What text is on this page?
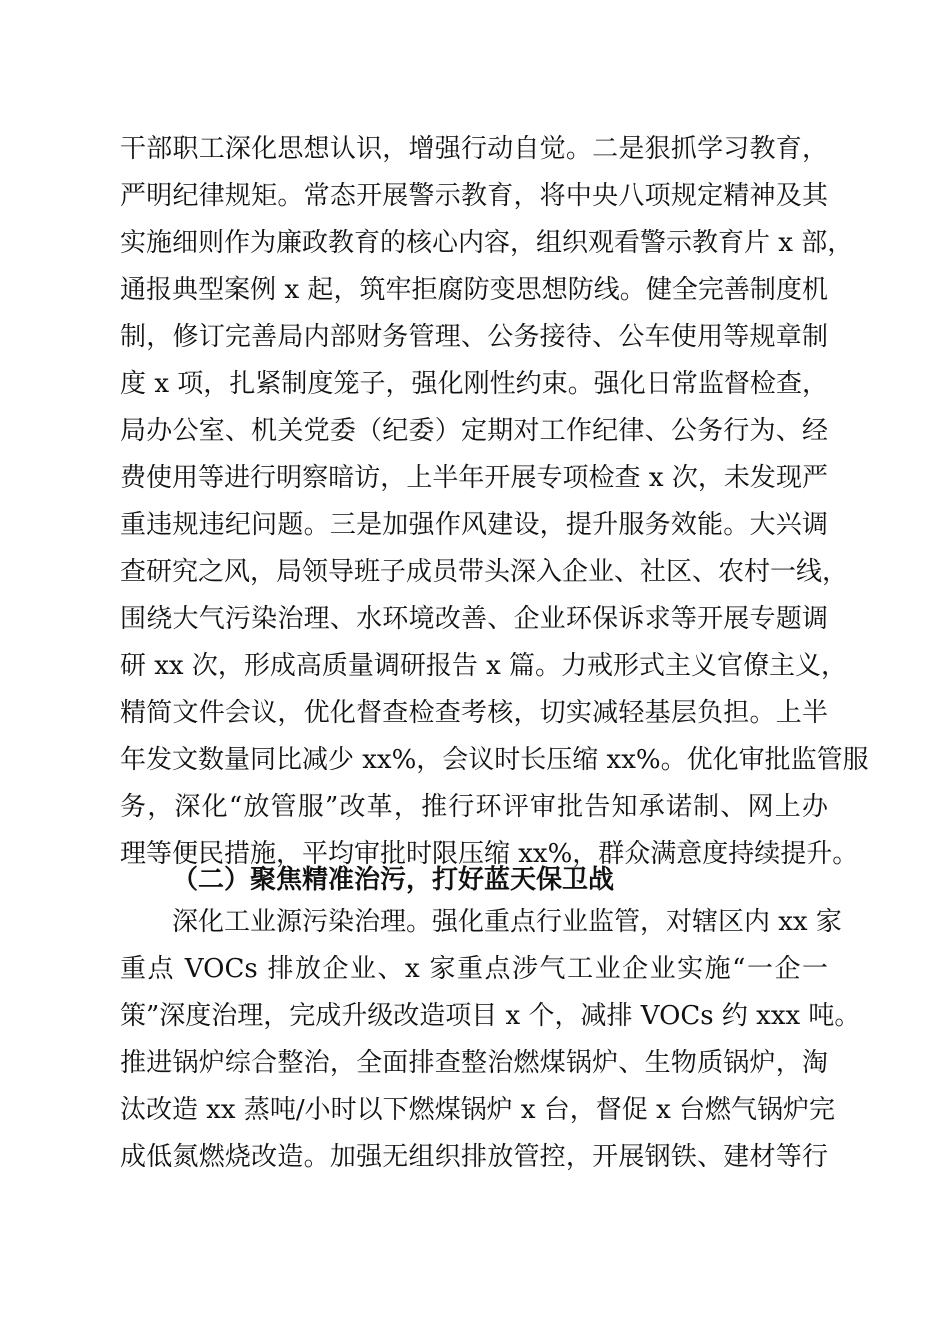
干部职工深化思想认识，增强行动自觉。二是狠抓学习教育，
严明纪律规矩。常态开展警示教育，将中央八项规定精神及其
实施细则作为廉政教育的核心内容，组织观看警示教育片 x 部，
通报典型案例 x 起，筑牢拒腐防变思想防线。健全完善制度机
制，修订完善局内部财务管理、公务接待、公车使用等规章制
度 x 项，扎紧制度笼子，强化刚性约束。强化日常监督检查，
局办公室、机关党委（纪委）定期对工作纪律、公务行为、经
费使用等进行明察暗访，上半年开展专项检查 x 次，未发现严
重违规违纪问题。三是加强作风建设，提升服务效能。大兴调
查研究之风，局领导班子成员带头深入企业、社区、农村一线，
围绕大气污染治理、水环境改善、企业环保诉求等开展专题调
研 xx 次，形成高质量调研报告 x 篇。力戒形式主义官僚主义，
精简文件会议，优化督查检查考核，切实减轻基层负担。上半
年发文数量同比减少 xx%，会议时长压缩 xx%。优化审批监管服
务，深化“放管服”改革，推行环评审批告知承诺制、网上办
理等便民措施，平均审批时限压缩 xx%，群众满意度持续提升。
（二）聚焦精准治污，打好蓝天保卫战
深化工业源污染治理。强化重点行业监管，对辖区内 xx 家
重点 VOCs 排放企业、x 家重点涉气工业企业实施“一企一
策”深度治理，完成升级改造项目 x 个，减排 VOCs 约 xxx 吨。
推进锅炉综合整治，全面排查整治燃煤锅炉、生物质锅炉，淘
汰改造 xx 蒸吨/小时以下燃煤锅炉 x 台，督促 x 台燃气锅炉完
成低氮燃烧改造。加强无组织排放管控，开展钢铁、建材等行
